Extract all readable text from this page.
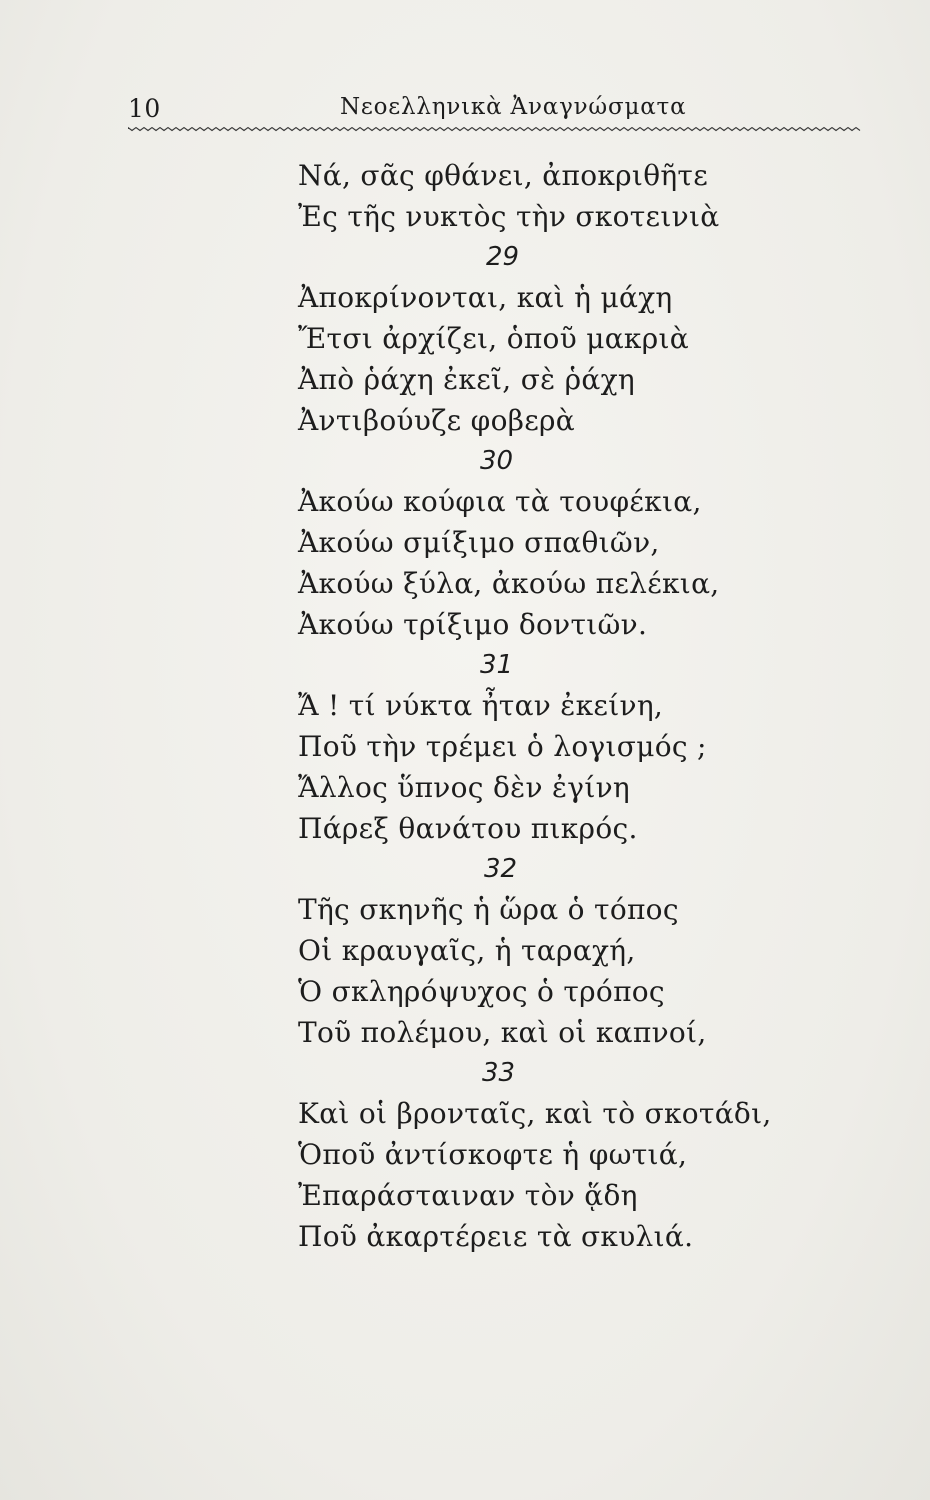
10	Νεοελληνικὰ Ἀναγνώσματα
Νά, σᾶς φθάνει, ἀποκριθῆτε
Ἐς τῆς νυκτὸς τὴν σκοτεινιὰ
29
Ἀποκρίνονται, καὶ ἡ μάχη
Ἔτσι ἀρχίζει, ὁποῦ μακριὰ
Ἀπὸ ῥάχη ἐκεῖ, σὲ ῥάχη
Ἀντιβούυζε φοβερὰ
30
Ἀκούω κούφια τὰ τουφέκια,
Ἀκούω σμίξιμο σπαθιῶν,
Ἀκούω ξύλα, ἀκούω πελέκια,
Ἀκούω τρίξιμο δοντιῶν.
31
Ἄ ! τί νύκτα ἦταν ἐκείνη,
Ποῦ τὴν τρέμει ὁ λογισμός ;
Ἄλλος ὕπνος δὲν ἐγίνη
Πάρεξ θανάτου πικρός.
32
Τῆς σκηνῆς ἡ ὥρα ὁ τόπος
Οἱ κραυγαῖς, ἡ ταραχή,
Ὁ σκληρόψυχος ὁ τρόπος
Τοῦ πολέμου, καὶ οἱ καπνοί,
33
Καὶ οἱ βρονταῖς, καὶ τὸ σκοτάδι,
Ὁποῦ ἀντίσκοφτε ἡ φωτιά,
Ἐπαράσταιναν τὸν ᾅδη
Ποῦ ἀκαρτέρειε τὰ σκυλιά.
